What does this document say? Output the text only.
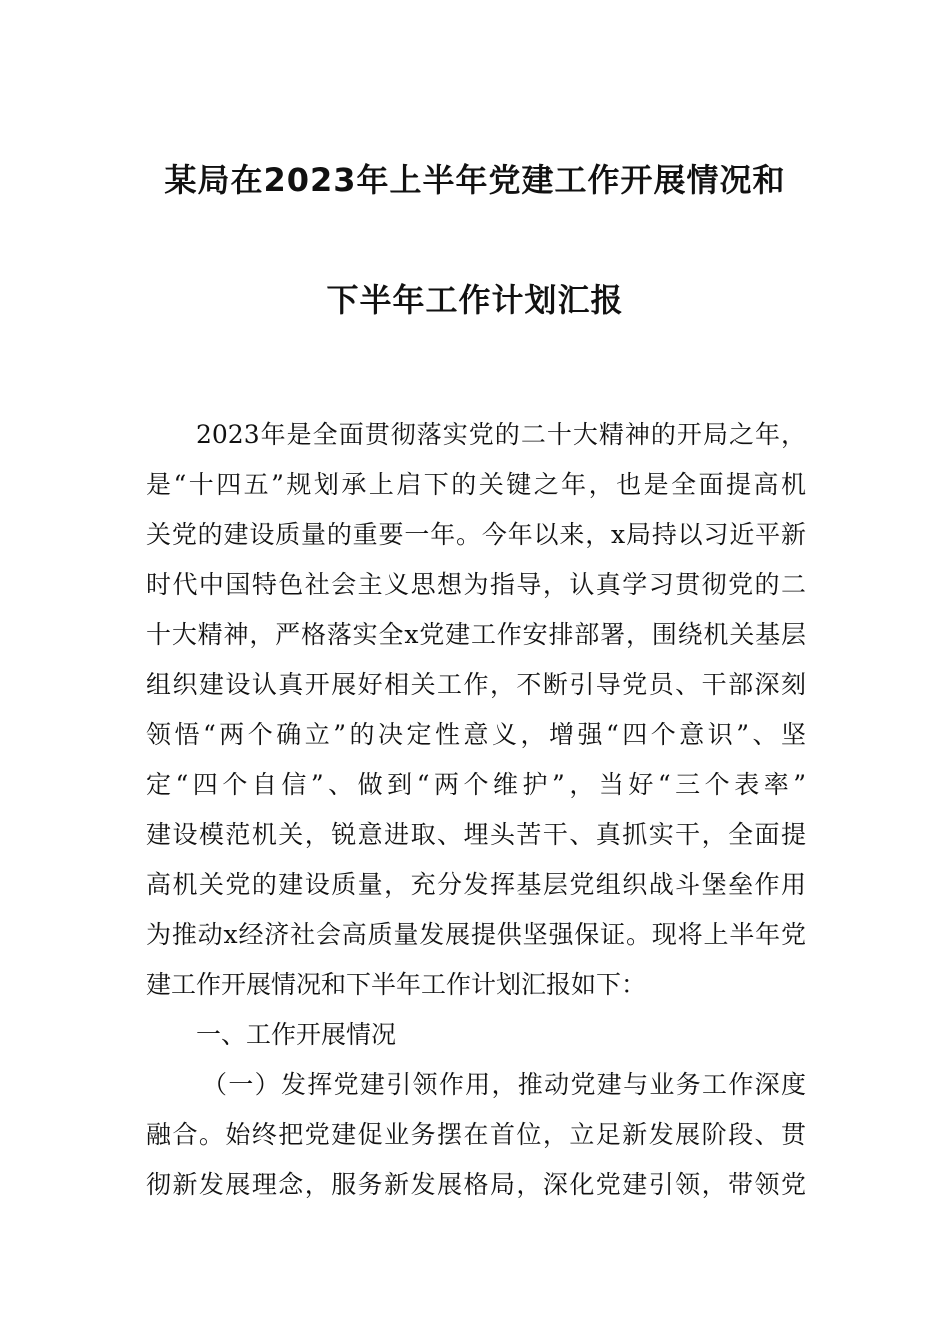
某局在2023年上半年党建工作开展情况和
下半年工作计划汇报
2023年是全面贯彻落实党的二十大精神的开局之年，
是“十四五”规划承上启下的关键之年，也是全面提高机
关党的建设质量的重要一年。今年以来，x局持以习近平新
时代中国特色社会主义思想为指导，认真学习贯彻党的二
十大精神，严格落实全x党建工作安排部署，围绕机关基层
组织建设认真开展好相关工作，不断引导党员、干部深刻
领悟“两个确立”的决定性意义，增强“四个意识”、坚
定“四个自信”、做到“两个维护”，当好“三个表率”
建设模范机关，锐意进取、埋头苦干、真抓实干，全面提
高机关党的建设质量，充分发挥基层党组织战斗堡垒作用
为推动x经济社会高质量发展提供坚强保证。现将上半年党
建工作开展情况和下半年工作计划汇报如下：
一、工作开展情况
（一）发挥党建引领作用，推动党建与业务工作深度
融合。始终把党建促业务摆在首位，立足新发展阶段、贯
彻新发展理念，服务新发展格局，深化党建引领，带领党
